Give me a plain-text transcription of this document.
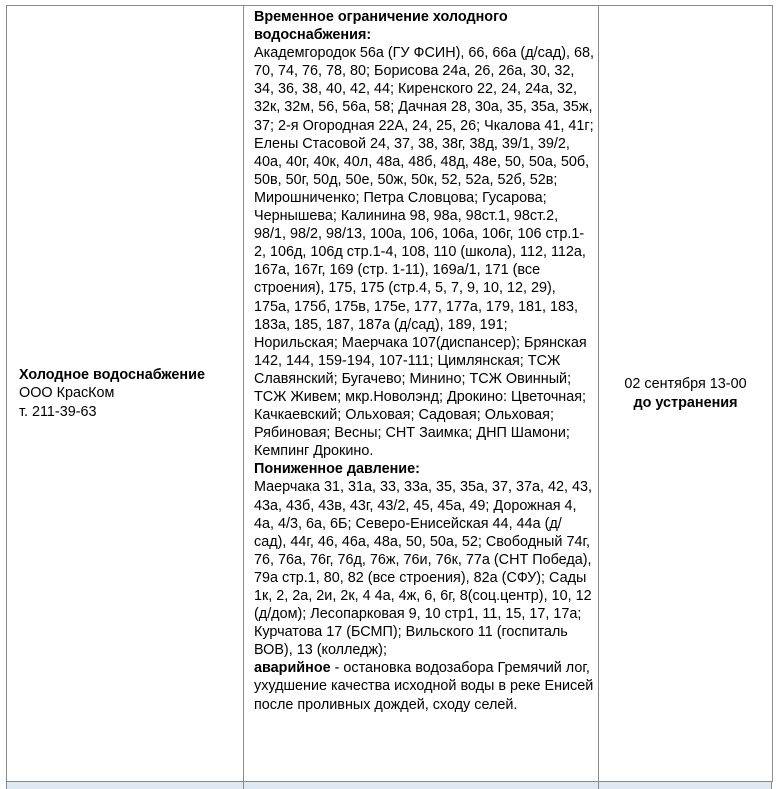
Холодное водоснабжение
ООО КрасКом
т. 211-39-63

Временное ограничение холодного водоснабжения:
Академгородок 56а (ГУ ФСИН), 66, 66а (д/сад), 68, 70, 74, 76, 78, 80; Борисова 24а, 26, 26а, 30, 32, 34, 36, 38, 40, 42, 44; Киренского 22, 24, 24а, 32, 32к, 32м, 56, 56а, 58; Дачная 28, 30а, 35, 35а, 35ж, 37; 2-я Огородная 22А, 24, 25, 26; Чкалова 41, 41г; Елены Стасовой 24, 37, 38, 38г, 38д, 39/1, 39/2, 40а, 40г, 40к, 40л, 48а, 48б, 48д, 48е, 50, 50а, 50б, 50в, 50г, 50д, 50е, 50ж, 50к, 52, 52а, 52б, 52в; Мирошниченко; Петра Словцова; Гусарова; Чернышева; Калинина 98, 98а, 98ст.1, 98ст.2, 98/1, 98/2, 98/13, 100а, 106, 106а, 106г, 106 стр.1-2, 106д, 106д стр.1-4, 108, 110 (школа), 112, 112а, 167а, 167г, 169 (стр. 1-11), 169а/1, 171 (все строения), 175, 175 (стр.4, 5, 7, 9, 10, 12, 29), 175а, 175б, 175в, 175е, 177, 177а, 179, 181, 183, 183а, 185, 187, 187а (д/сад), 189, 191; Норильская; Маерчака 107(диспансер); Брянская 142, 144, 159-194, 107-111; Цимлянская; ТСЖ Славянский; Бугачево; Минино; ТСЖ Овинный; ТСЖ Живем; мкр.Новолэнд; Дрокино: Цветочная; Качкаевский; Ольховая; Садовая; Ольховая; Рябиновая; Весны; СНТ Заимка; ДНП Шамони; Кемпинг Дрокино.
Пониженное давление:
Маерчака 31, 31а, 33, 33а, 35, 35а, 37, 37а, 42, 43, 43а, 43б, 43в, 43г, 43/2, 45, 45а, 49; Дорожная 4, 4а, 4/3, 6а, 6Б; Северо-Енисейская 44, 44а (д/сад), 44г, 46, 46а, 48а, 50, 50а, 52; Свободный 74г, 76, 76а, 76г, 76д, 76ж, 76и, 76к, 77а (СНТ Победа), 79а стр.1, 80, 82 (все строения), 82а (СФУ); Сады 1к, 2, 2а, 2и, 2к, 4 4а, 4ж, 6, 6г, 8(соц.центр), 10, 12 (д/дом); Лесопарковая 9, 10 стр1, 11, 15, 17, 17а; Курчатова 17 (БСМП); Вильского 11 (госпиталь ВОВ), 13 (колледж);
аварийное - остановка водозабора Гремячий лог, ухудшение качества исходной воды в реке Енисей после проливных дождей, сходу селей.

02 сентября 13-00
до устранения
